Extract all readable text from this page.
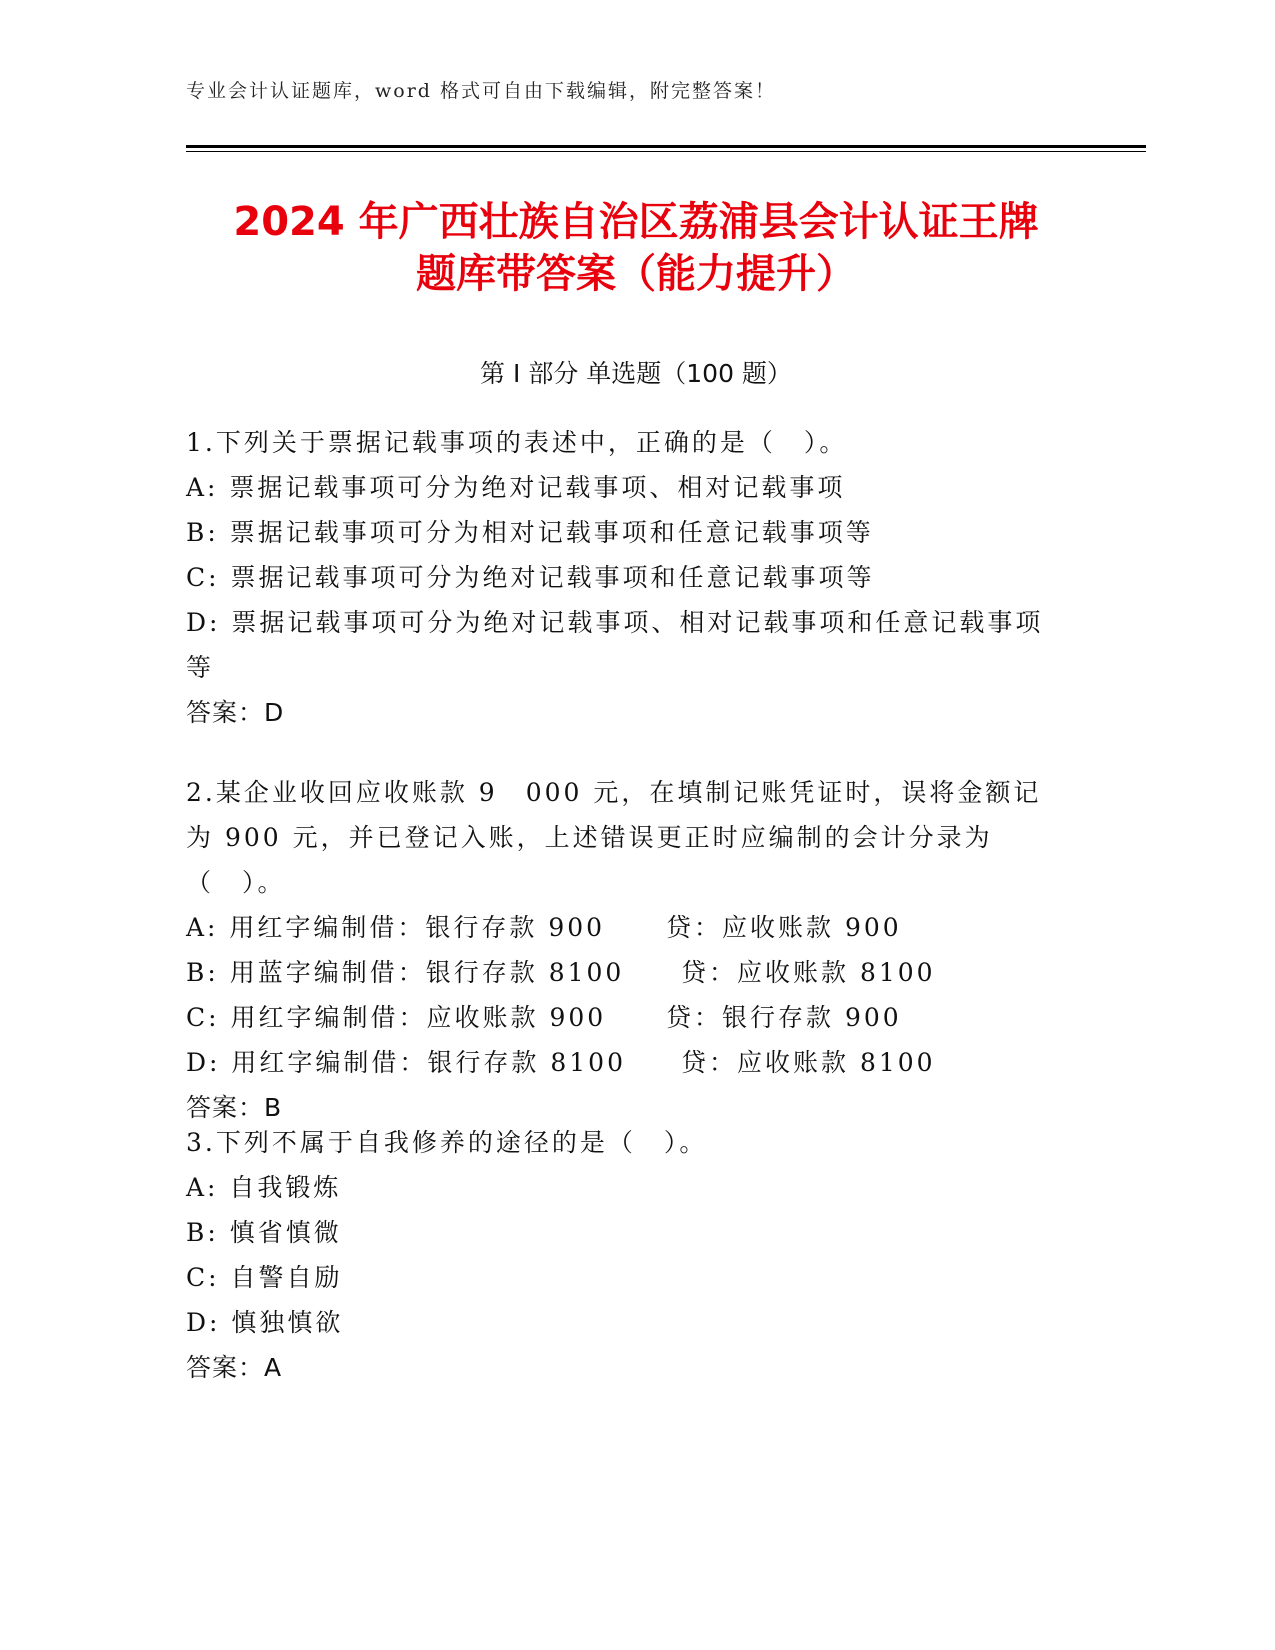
专业会计认证题库，word 格式可自由下载编辑，附完整答案！
2024 年广西壮族自治区荔浦县会计认证王牌
题库带答案（能力提升）
第 I 部分 单选题（100 题）
1.下列关于票据记载事项的表述中，正确的是（　）。
A: 票据记载事项可分为绝对记载事项、相对记载事项
B: 票据记载事项可分为相对记载事项和任意记载事项等
C: 票据记载事项可分为绝对记载事项和任意记载事项等
D: 票据记载事项可分为绝对记载事项、相对记载事项和任意记载事项等
答案：D
2.某企业收回应收账款 9　000 元，在填制记账凭证时，误将金额记为 900 元，并已登记入账，上述错误更正时应编制的会计分录为（　）。
A: 用红字编制借：银行存款 900 贷：应收账款 900
B: 用蓝字编制借：银行存款 8100 贷：应收账款 8100
C: 用红字编制借：应收账款 900 贷：银行存款 900
D: 用红字编制借：银行存款 8100 贷：应收账款 8100
答案：B
3.下列不属于自我修养的途径的是（　）。
A: 自我锻炼
B: 慎省慎微
C: 自警自励
D: 慎独慎欲
答案：A
